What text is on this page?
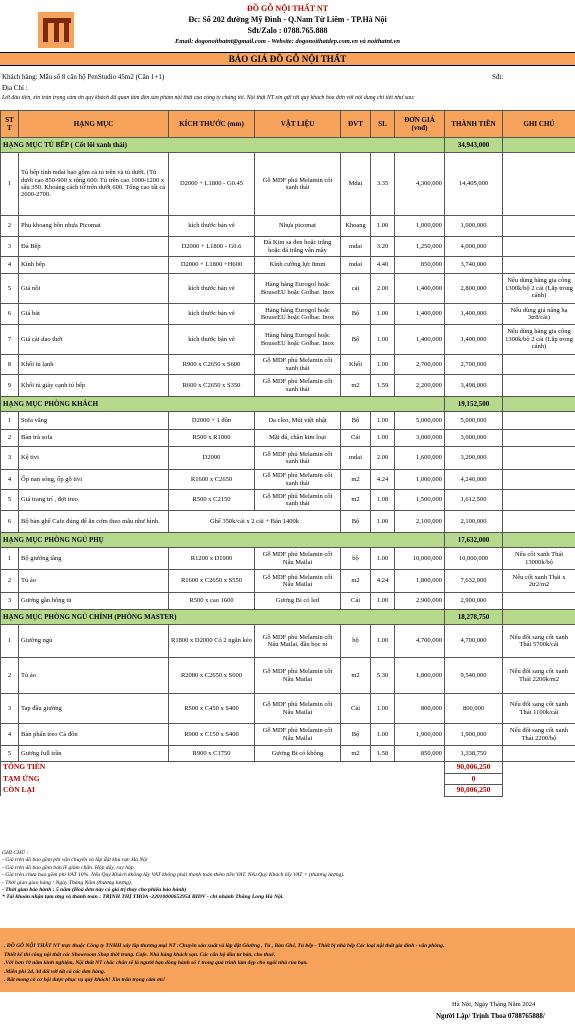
ĐỒ GỖ NỘI THẤT NT
Đc: Số 202 đường Mỹ Đình - Q.Nam Từ Liêm - TP.Hà Nội
Sđt/Zalo : 0788.765.888
Email: dogonoithatnt@gmail.com - Website: dogonoithatdep.com.vn và noithatnt.vn
BÁO GIÁ ĐỒ GỖ NỘI THẤT
Khách hàng: Mẫu số 8 căn hộ PenStudio 45m2 (Căn 1+1)	Sđt:
Địa Chỉ :
Lời đầu tiên, xin trân trọng cảm ơn quý khách đã quan tâm đến sản phẩm nội thất của công ty chúng tôi. Nội thất NT xin gửi tới quý khách hóa đơn với nội dung chi tiết như sau:
ST T	HẠNG MỤC	KÍCH THƯỚC (mm)	VẬT LIỆU	ĐVT	SL	ĐƠN GIÁ (vnđ)	THÀNH TIỀN	GHI CHÚ
HẠNG MỤC TỦ BẾP ( Cốt lõi xanh thái)							34,943,000	
1	Tủ bếp tính mdai bao gồm cả tủ trên và tủ dưới. (Tủ dưới cao 850-900 x rộng 600. Tủ trên cao 1000-1200 x sâu 350. Khoảng cách từ trên dưới 600. Tổng cao tất cả 2600-2700.	D2000 + L1800 - G0.45	Gỗ MDF phủ Melamin cốt xanh thái	Mdai	3.35	4,300,000	14,405,000	
2	Phụ khoang bồn nhựa Picomat	kích thước bản vẽ	Nhựa picomat	Khoang	1.00	1,000,000	1,000,000	
3	Đá Bếp	D2000 + L1800 - G0.6	Đá Kim sa đen hoặc trắng hoặc đá trắng vân mây	mdai	3.20	1,250,000	4,000,000	
4	Kính bếp	D2000 + L1800 +H600	Kính cường lực 8mm	mdai	4.40	850,000	3,740,000	
5	Giá nồi	kích thước bản vẽ	Hàng hãng Eurogol hoặc BouseEU hoặc Golbar. Inox	cái	2.00	1,400,000	2,800,000	Nếu dùng hàng gia công 1300k/bộ 2 cái (Lắp trong cánh)
6	Giá bát	kích thước bản vẽ	Hàng hãng Eurogol hoặc BouseEU hoặc Golbar. Inox	Bộ	1.00	1,400,000	1,400,000	Nếu dùng giá nâng hạ 3tr8/cái)
7	Giá cài dao thớt	kích thước bản vẽ	Hàng hãng Eurogol hoặc BouseEU hoặc Golbar. Inox	Bộ	1.00	1,400,000	1,400,000	Nếu dùng hàng gia công 1300k/bộ 2 cái (Lắp trong cánh)
8	Khối tủ lạnh	R900 x C2650 x S600	Gỗ MDF phủ Melamin cốt xanh thái	Khối	1.00	2,700,000	2,700,000	
9	Khối tủ giày cạnh tủ bếp	R600 x C2650 x S350	Gỗ MDF phủ Melamin cốt xanh thái	m2	1.59	2,200,000	3,498,000	
HẠNG MỤC PHÒNG KHÁCH							19,152,500	
1	Sofa văng	D2000 + 1 đôn	Da cleo, Mút việt nhật	Bộ	1.00	5,000,000	5,000,000	
2	Bàn trà sofa	R500 x R1000	Mặt đá, chân kim loại	Cái	1.00	3,000,000	3,000,000	
3	Kệ tivi	D2000	Gỗ MDF phủ Melamin cốt xanh thái	mdai	2.00	1,600,000	3,200,000	
4	Ốp nan sóng, ốp gỗ tivi	R1600 x C2650	Gỗ MDF phủ Melamin cốt xanh thái	m2	4.24	1,000,000	4,240,000	
5	Giá trang trí , đợt treo	R500 x C2150	Gỗ MDF phủ Melamin cốt xanh thái	m2	1.08	1,500,000	1,612,500	
6	Bộ bàn ghế Cafe đúng đế ăn cơm theo mẫu như hình.	Ghế 350k/cái x 2 cái + Bàn 1400k		Bộ	1.00	2,100,000	2,100,000	
HẠNG MỤC PHÒNG NGỦ PHỤ							17,632,000	
1	Bộ giường tầng	R1200 x D1900	Gỗ MDF phủ Melamin cốt Nâu Mailai	bộ	1.00	10,000,000	10,000,000	Nếu cốt xanh Thái 13000k/bộ
2	Tủ áo	R1600 x C2650 x S550	Gỗ MDF phủ Melamin cốt Nâu Mailai	m2	4.24	1,800,000	7,632,000	Nếu cốt xanh Thái x 2tr2/m2
3	Gương gần hông tủ	R500 x cao 1600	Gương Bỉ có led	Cái	1.00	2,900,000	2,900,000	
HẠNG MỤC PHÒNG NGỦ CHÍNH (PHÒNG MASTER)							18,278,750	
1	Giường ngủ	R1800 x D2000 Có 2 ngăn kéo	Gỗ MDF phủ Melamin cốt Nâu Mailai, đầu bọc nỉ	bộ	1.00	4,700,000	4,700,000	Nếu đổi sang cốt xanh Thái 5700k/cái
2	Tủ áo	R2080 x C2650 x S600	Gỗ MDF phủ Melamin cốt Nâu Mailai	m2	5.30	1,800,000	9,540,000	Nếu đổi sang cốt xanh Thái 2200k/m2
3	Tap đầu giường	R500 x C450 x S400	Gỗ MDF phủ Melamin cốt Nâu Mailai	Cái	1.00	800,000	800,000	Nếu đổi sang cốt xanh Thái 1100k/cái
4	Bàn phấn treo Cả đôn	R900 x C150 x S400	Gỗ MDF phủ Melamin cốt Nâu Mailai	Bộ	1.00	1,900,000	1,900,000	Nếu đổi sang cốt xanh Thái 2200/bộ
5	Gương full trần	R900 x C1750	Gương Bỉ có không	m2	1.58	850,000	1,338,750	
TỔNG TIỀN							90,006,250	
TẠM ỨNG							0	
CÒN LẠI							90,006,250	
GHI CHÚ :
- Giá trên đã bao gồm phí vận chuyển và lắp đặt khu vực Hà Nội
- Giá trên đã bao gồm bản lề giảm chấn. Hộp dây, ray hộp.
- Giá trên chưa bao gồm phí VAT 10%. Nếu Quý Khách không lấy VAT không phải thanh toán thêm tiền VAT. Nếu Quý Khách lấy VAT = (thương lượng).
- Thời gian giao hàng : Ngày Tháng Năm (thương lượng).
- Thời gian bảo hành : 5 năm (Hoá đơn này có giá trị thay cho phiếu bảo hành)
* Tài khoản nhận tạm ứng và thanh toán : TRỊNH THỊ THOA -22010000652954 BIDV - chi nhánh Thăng Long Hà Nội.
. ĐỒ GỖ NỘI THẤT NT trực thuộc Công ty TNHH xây lắp thương mại NT :Chuyên sản xuất và lắp đặt Giường , Tủ , Bàn Ghế, Tủ bếp - Thiết bị nhà bếp Các loại nội thất gia đình - văn phòng.
Thiết kế thi công nội thất các Showroom Shop thời trang. Cafe. Nhà hàng khách sạn. Các căn hộ đầu tư bán, cho thuê.
.Với hơn 10 năm kinh nghiệm, Nội thất NT chắc chắn sẽ là người bạn đồng hành số 1 trong quá trình làm đẹp cho ngôi nhà của bạn.
.Miễn phí 2d, 3d đối với tất cả các đơn hàng.
. Rất mong có cơ hội được phục vụ quý khách! Xin trân trọng cảm ơn!
Hà Nội, Ngày Tháng Năm 2024
Người Lập/ Trịnh Thoa 0788765888/
